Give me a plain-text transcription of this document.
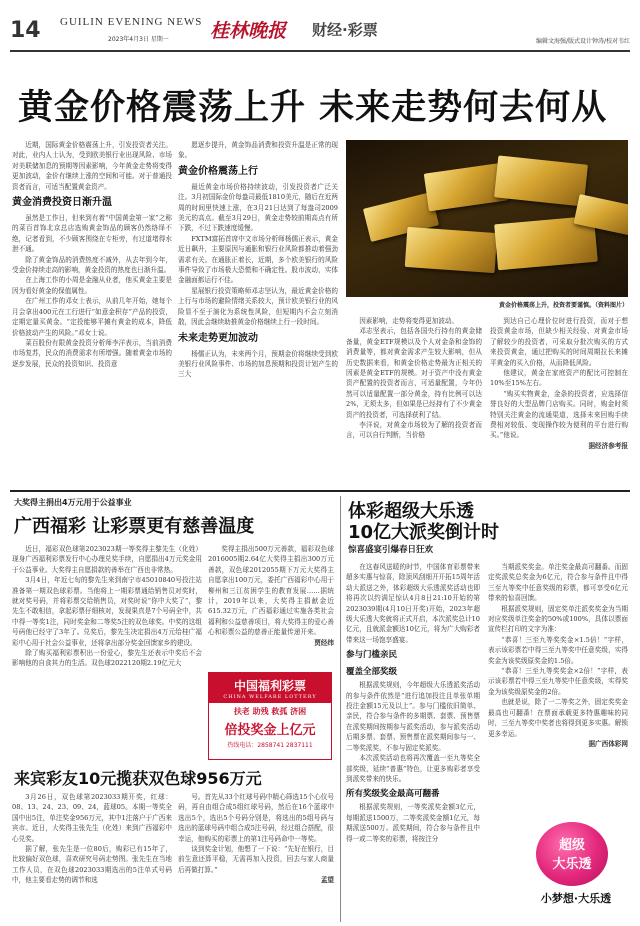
14 GUILIN EVENING NEWS
2023年4月3日 星期一 桂林晚报 财经·彩票
编辑文海强/版式设计钟涛/校对韦红
黄金价格震荡上升 未来走势何去何从

近期，国际黄金价格震荡上升，引发投资者关注。对此，业内人士认为，受到欧美银行业出现风险、市场对美联储加息的预期等因素影响，今年黄金走势将变得更加波动，金价有继续上涨的空间和可能。对于普通投资者而言，可适当配置黄金资产。

黄金消费投资日渐升温

虽然是工作日，但来到有着“中国黄金第一家”之称的菜百首饰北京总店选购黄金饰品的顾客仍然络绎不绝，记者看到，不少顾客围绕在专柜旁，有过道堵得水泄不通。

除了黄金饰品的消费热度不减外，从去年到今年，受金价持续走高的影响，黄金投资的热度也日渐升温。

在上海工作的小周是金融从业者，他买黄金主要是因为看好黄金的保值属性。

在广州工作的邓女士表示，从前几年开始，她每个月会拿出400元在工行进行“如意金积存”产品的投资，定期定量买黄金。“定投能够平摊有黄金的成本，降低价格波动产生的风险。”邓女士说。

菜百股份有限黄金投资分析师李洋表示，当前消费市场复苏，民众的消费需求有所增强。随着黄金市场的逐步发展，民众的投资知识、投资意

愿逐步提升，黄金饰品消费和投资升温是正常的现象。

黄金价格震荡上行

最近黄金市场价格持续波动，引发投资者广泛关注。3月初国际金价每盎司最低1810美元，随后在近两周的时间里快速上涨，在3月21日达到了每盎司2009美元的高点。截至3月29日，黄金走势较前期高点有所下跌，不过下跌速度缓慢。

FXTM富拓首席中文市场分析师杨儒正表示，黄金近日飙升，主要原因与通胀和银行业风险都推动着强劲需求有关。在通胀正着长，近期，多个欧美银行的风险事件导致了市场极大恐慌和不确定性。股市波动，实体金融面都运行不佳。

星展银行投资策略师邓志坚认为，最近黄金价格的上行与市场的避险情绪关系较大，预计欧美银行业的风险显不至于演化为系统性风险，但短期内不会立刻消散，因此会继续助推黄金价格继续上行一段时间。

未来走势更加波动

杨儒正认为，未来两个月，预期金价将继续受到欧美银行业风险事件、市场的加息预期和投资计划产生的三大

黄金价格震荡上升，投资者要谨慎。（资料图片）

因素影响，走势将变得更加波动。

邓志坚表示，包括各国央行持有的黄金储备量，黄金ETF规模以及个人对金条和金饰的消费量等，都对黄金需求产生较大影响，但从历史数据来看，和黄金价格走势最为正相关的因素是黄金ETF的规模。对于资产中没有黄金资产配置的投资者而言，可适量配置，今年仍然可以适量配置一部分黄金，持有比例可以达2%，无须太多，但如果是已经持有了不少黄金资产的投资者，可选择获利了结。

李洋说，对黄金市场较为了解的投资者而言，可以自行判断，当价格

到达自己心理价位时进行投资，而对于想投资黄金市场，但缺少相关经验、对黄金市场了解较少的投资者，可采取分批次购买的方式来投资黄金，通过把购买的时间周期拉长来摊平黄金的买入价格，从而降低风险。

他建议，黄金在家庭资产的配比可控制在10%至15%左右。

“购买实物黄金，金条的投资者，应选择信誉良好的大型品牌门店购买。同时，购金时须特别关注黄金的流通渠道，选择未来回购手续费相对较低、变现操作较为便利的平台进行购买。”他说。

据经济参考报

大奖得主捐出4万元用于公益事业
广西福彩 让彩票更有慈善温度

近日，福彩双色球第2023023期一等奖得主黎先生（化姓）现身广西福利彩票发行中心办理兑奖手续，自愿捐出4万元奖金用于公益事业。大奖得主自愿捐款的善举在广西也非常热。

3月4日，年近七旬的黎先生来到南宁市45010840号投注站准备第一期双色球彩票。当他将上一期彩票通给销售员对奖时，就对奖号码，并将彩票交给销售员，对奖时说“你中大奖了”，黎先生不敢相信，拿起彩票仔细核对，发现果真是7个号码全中，共中得一等奖1注，同时奖金和二等奖5注的双色球奖。中奖的这组号码他已经守了3年了。兑奖后，黎先生决定捐出4万元给桂广福彩中心用于社会公益事业，还将拿出部分奖金回馈家乡的建设。

除了购买福利彩票积出一份爱心，黎先生还表示中奖后不会影响他的自食其力的生活。双色球2022120期2.19亿元大

奖得主捐出500万元善款，福彩双色球2016005期2.64亿大奖得主捐出300万元善款，双色球2012055期下万元大奖得主自愿拿出100万元，委托广西福彩中心用于柳州和三江贫困学生的教育发展……据统计，2019年以来，大奖得主捐献金近615.32万元，广西福彩通过实施各类社会福利和公益慈善项目，将大奖得主的爱心善心和彩票公益的慈善正能量传递开来。

贾经纬

中国福利彩票
CHINA WELFARE LOTTERY
扶老 助残 救孤 济困
倍投奖金上亿元
热线电话：2858741 2837111
来宾彩友10元揽获双色球956万元

3月26日，双色球第2023033期开奖，红球：08、13、24、23、09、24，蓝球05。本期一等奖全国中出5注，单注奖金956万元，其中1注落户于广西来宾市。近日，大奖得主张先生（化姓）来到广西福彩中心兑奖。

据了解，张先生是一位80后，购彩已有15年了，比较偏好双色球，喜欢研究号码走势图。张先生在当地工作人员，在双色球2023033期选出的5注单式号码中，他主要看走势的调节和选

号。首先从33个红球号码中精心筛选15个心仪号码，再自由组合成5组红球号码，然后在16个蓝球中选出5个，选出5个号码分别是，将选出的5组号码与选出的蓝球号码中组合成5注号码，经过组合搭配，很幸运，他购买的彩票上的第1注号码命中一等奖。

谈到奖金计划，他想了一下说：“先好在银行，目前生意还算平稳，无需再加入投资，回去与家人商量后再做打算。”

孟望

体彩超级大乐透
10亿大派奖倒计时
惊喜盛宴引爆春日狂欢

在这春风送暖的时节，中国体育彩票带来超多实惠与惊喜，除顶风刮细开开拓15周年活动大派送之外，体彩超级大乐透派奖活动也即将再次以约满足惊认4月8日21:10开始的第2023039期(4月10日开奖)开始，2023年超级大乐透大奖就将正式开启，本次派奖总计10亿元，且就派金额达10亿元，将为广大购彩者带来这一场饱享盛宴。

参与门槛亲民

覆盖全部奖级

根据派奖规则，今年超级大乐透派奖活动的参与条件依然是“进行追加投注且单张单期投注金额15元及以上”。参与门槛依旧简单、亲民，符合参与条件的多期票、套票、预售票在派奖期间按期参与派奖活动，参与派奖活动后期多票、套票、预售票在派奖期间参与一、二等奖派奖，不参与固定奖派奖。

本次派奖活动也将再次覆盖一至九等奖全部奖级，延续“普惠”特色，让更多购彩者享受到派奖带来的快乐。

所有奖级奖金最高可翻番

根据派奖规则，一等奖派奖金额3亿元，每期派送1500万，二等奖派奖金额1亿元，每期派送500万。派奖期间，符合参与条件且中得一或二等奖的彩票，将按注分

当期派奖奖金。单注奖金最高可翻番。而固定奖派奖总奖金为6亿元，符合参与条件且中得三至九等奖中任意奖级的彩票，都可享受6亿元带来的惊喜回馈。

根据派奖规则，固定奖单注派奖奖金为当期对应奖级单注奖金的50%或100%，具体以票面宣传栏打印的文字为准：

“恭喜！三至九等奖奖金×1.5倍！”字样，表示该彩票若中得三至九等奖中任意奖级，实得奖金为该奖级原奖金的1.5倍。

“恭喜！三至九等奖奖金×2倍！”字样，表示该彩票若中得三至九等奖中任意奖级，实得奖金为该奖级原奖金的2倍。

也就是说，除了一二等奖之外，固定奖奖金最高也可翻番！在票面承载更多特惠趣味的同时，三至九等奖中奖者也将得到更多实惠。解锁更多幸运。

据广西体彩网

超级
大乐透
小梦想·大乐透
